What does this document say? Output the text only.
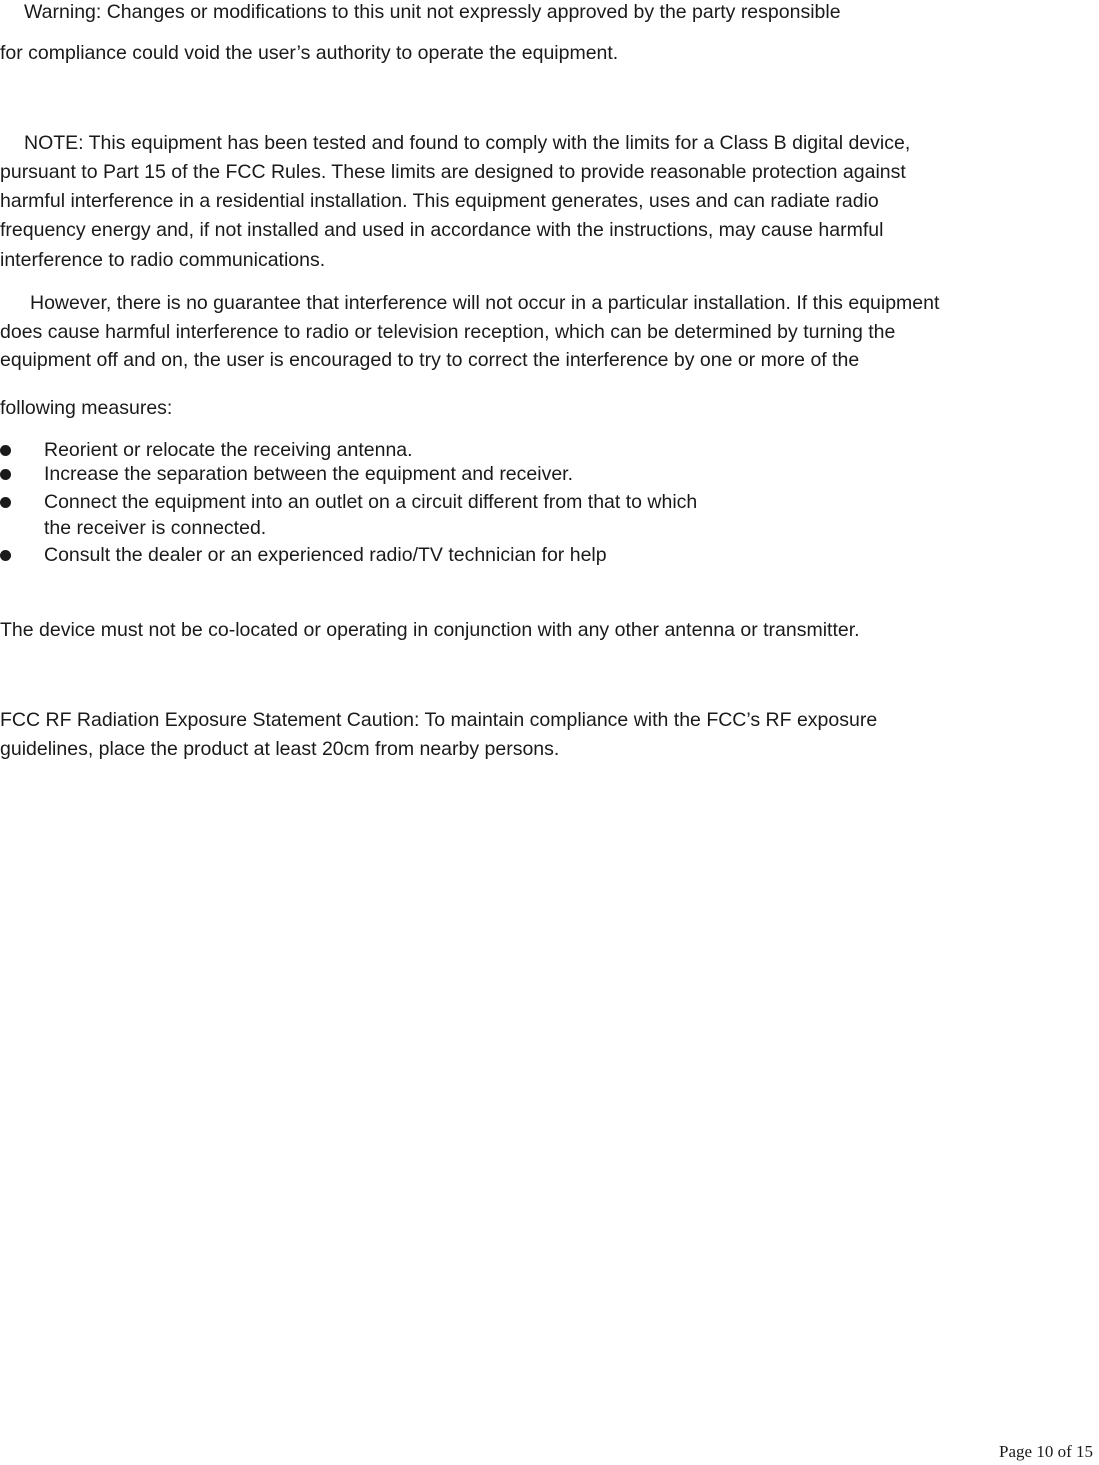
Warning: Changes or modifications to this unit not expressly approved by the party responsible
for compliance could void the user’s authority to operate the equipment.
NOTE: This equipment has been tested and found to comply with the limits for a Class B digital device,
pursuant to Part 15 of the FCC Rules. These limits are designed to provide reasonable protection against
harmful interference in a residential installation. This equipment generates, uses and can radiate radio
frequency energy and, if not installed and used in accordance with the instructions, may cause harmful
interference to radio communications.
However, there is no guarantee that interference will not occur in a particular installation. If this equipment
does cause harmful interference to radio or television reception, which can be determined by turning the
equipment off and on, the user is encouraged to try to correct the interference by one or more of the
following measures:
Reorient or relocate the receiving antenna.
Increase the separation between the equipment and receiver.
Connect the equipment into an outlet on a circuit different from that to which
the receiver is connected.
Consult the dealer or an experienced radio/TV technician for help
The device must not be co-located or operating in conjunction with any other antenna or transmitter.
FCC RF Radiation Exposure Statement Caution: To maintain compliance with the FCC’s RF exposure
guidelines, place the product at least 20cm from nearby persons.
Page 10 of 15
